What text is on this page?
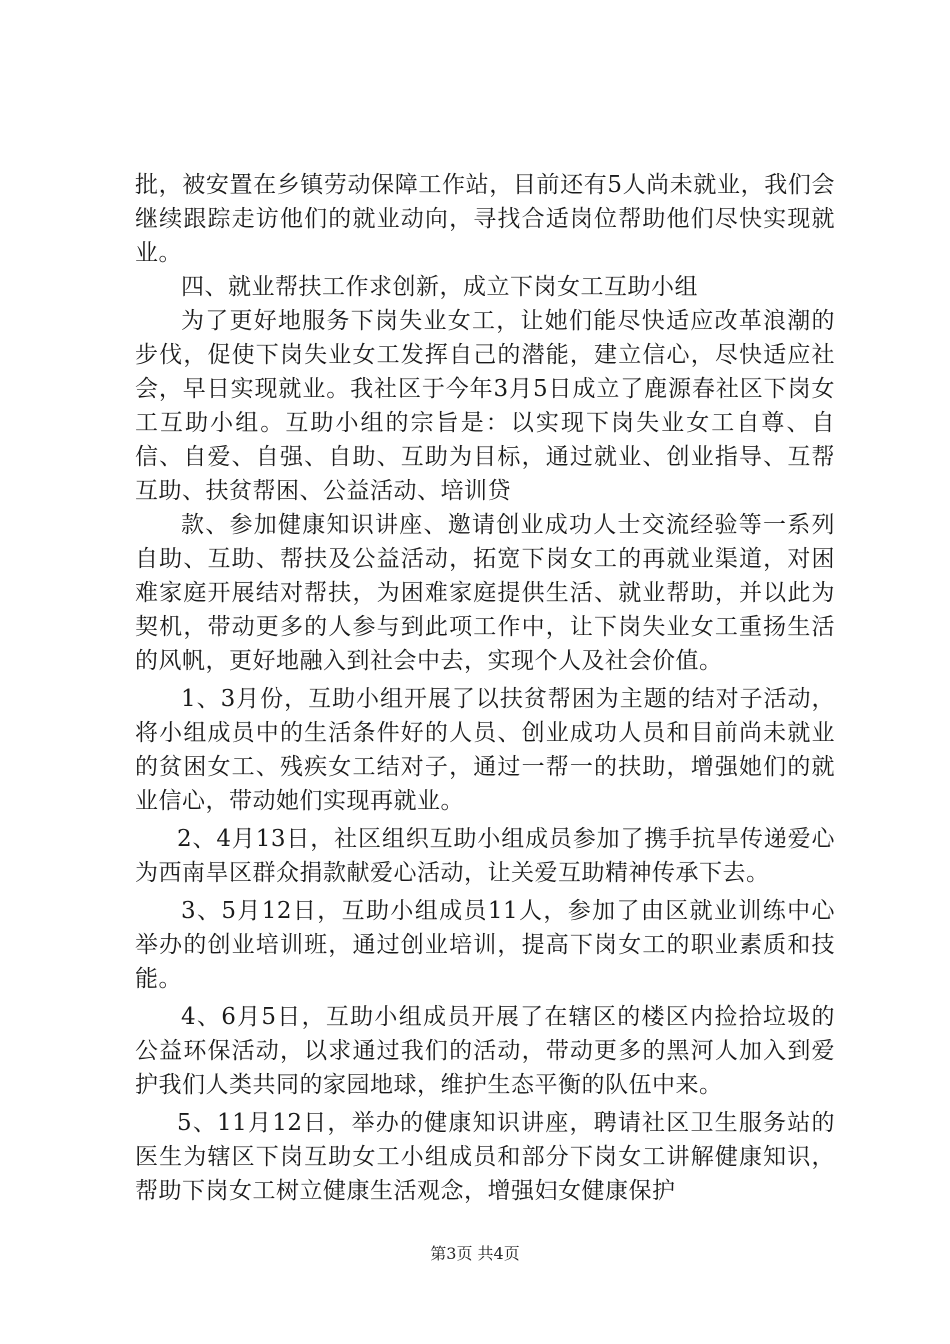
批，被安置在乡镇劳动保障工作站，目前还有5人尚未就业，我们会继续跟踪走访他们的就业动向，寻找合适岗位帮助他们尽快实现就业。

四、就业帮扶工作求创新，成立下岗女工互助小组

为了更好地服务下岗失业女工，让她们能尽快适应改革浪潮的步伐，促使下岗失业女工发挥自己的潜能，建立信心，尽快适应社会，早日实现就业。我社区于今年3月5日成立了鹿源春社区下岗女工互助小组。互助小组的宗旨是：以实现下岗失业女工自尊、自信、自爱、自强、自助、互助为目标，通过就业、创业指导、互帮互助、扶贫帮困、公益活动、培训贷

款、参加健康知识讲座、邀请创业成功人士交流经验等一系列自助、互助、帮扶及公益活动，拓宽下岗女工的再就业渠道，对困难家庭开展结对帮扶，为困难家庭提供生活、就业帮助，并以此为契机，带动更多的人参与到此项工作中，让下岗失业女工重扬生活的风帆，更好地融入到社会中去，实现个人及社会价值。

1、3月份，互助小组开展了以扶贫帮困为主题的结对子活动，将小组成员中的生活条件好的人员、创业成功人员和目前尚未就业的贫困女工、残疾女工结对子，通过一帮一的扶助，增强她们的就业信心，带动她们实现再就业。

2、4月13日，社区组织互助小组成员参加了携手抗旱传递爱心为西南旱区群众捐款献爱心活动，让关爱互助精神传承下去。

3、5月12日，互助小组成员11人，参加了由区就业训练中心举办的创业培训班，通过创业培训，提高下岗女工的职业素质和技能。

4、6月5日，互助小组成员开展了在辖区的楼区内捡拾垃圾的公益环保活动，以求通过我们的活动，带动更多的黑河人加入到爱护我们人类共同的家园地球，维护生态平衡的队伍中来。

5、11月12日，举办的健康知识讲座，聘请社区卫生服务站的医生为辖区下岗互助女工小组成员和部分下岗女工讲解健康知识，帮助下岗女工树立健康生活观念，增强妇女健康保护

第3页 共4页
